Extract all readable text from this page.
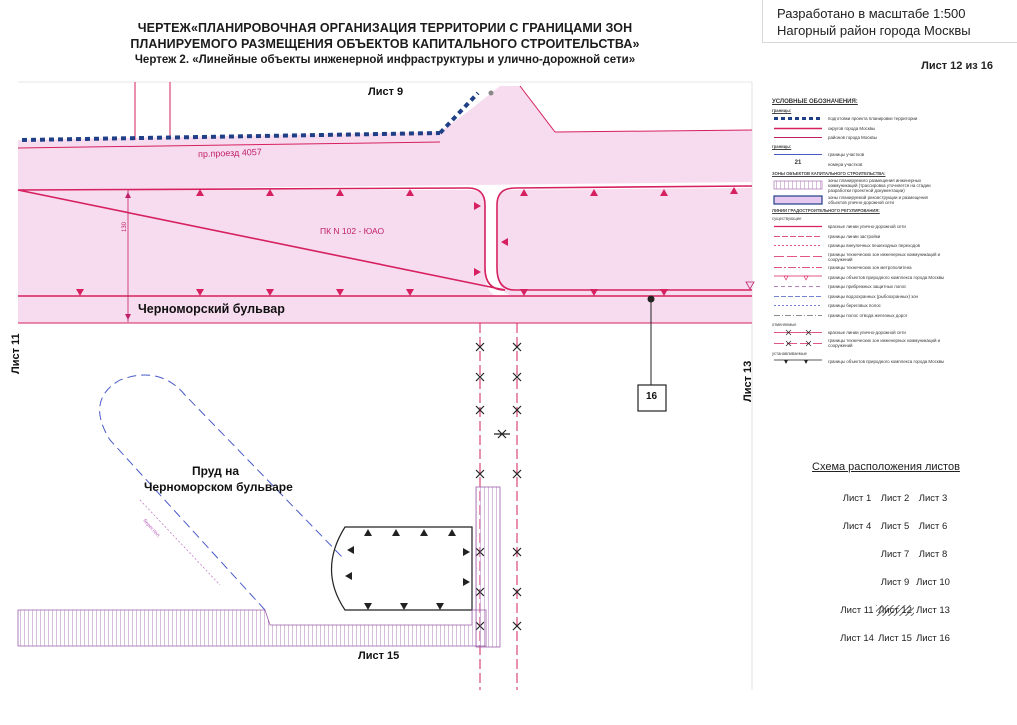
ЧЕРТЕЖ«ПЛАНИРОВОЧНАЯ ОРГАНИЗАЦИЯ ТЕРРИТОРИИ С ГРАНИЦАМИ ЗОН
ПЛАНИРУЕМОГО РАЗМЕЩЕНИЯ ОБЪЕКТОВ КАПИТАЛЬНОГО СТРОИТЕЛЬСТВА»
Чертеж 2. «Линейные объекты инженерной инфраструктуры и улично-дорожной сети»
Разработано в масштабе 1:500
Нагорный район города Москвы
Лист 12 из 16
Лист 9
Лист 11
Лист 13
Лист 15
пр.проезд 4057
ПК N 102 - ЮАО
Черноморский бульвар
Пруд на
Черноморском бульваре
16
130
берег.пол.
УСЛОВНЫЕ ОБОЗНАЧЕНИЯ:
границы:
подготовки проекта планировки территории
округов города Москвы
районов города Москвы
границы:
границы участков
21	номера участков
ЗОНЫ ОБЪЕКТОВ КАПИТАЛЬНОГО СТРОИТЕЛЬСТВА:
зоны планируемого размещения инженерных коммуникаций (трассировка уточняется на стадии разработки проектной документации)
зоны планируемой реконструкции и размещения объектов улично-дорожной сети
ЛИНИИ ГРАДОСТРОИТЕЛЬНОГО РЕГУЛИРОВАНИЯ:
существующие
красные линии улично-дорожной сети
границы линии застройки
границы внеуличных пешеходных переходов
границы технических зон инженерных коммуникаций и сооружений
границы технических зон метрополитена
границы объектов природного комплекса города Москвы
границы прибрежных защитных полос
границы водоохранных (рыбоохранных) зон
границы береговых полос
границы полос отвода железных дорог
отменяемые
красные линии улично-дорожной сети
границы технических зон инженерных коммуникаций и сооружений
устанавливаемые
границы объектов природного комплекса города Москвы
Схема расположения листов
Лист 1 Лист 2 Лист 3
Лист 4 Лист 5 Лист 6
Лист 7 Лист 8
Лист 9 Лист 10
Лист 11 Лист 12 Лист 13
Лист 14 Лист 15 Лист 16
